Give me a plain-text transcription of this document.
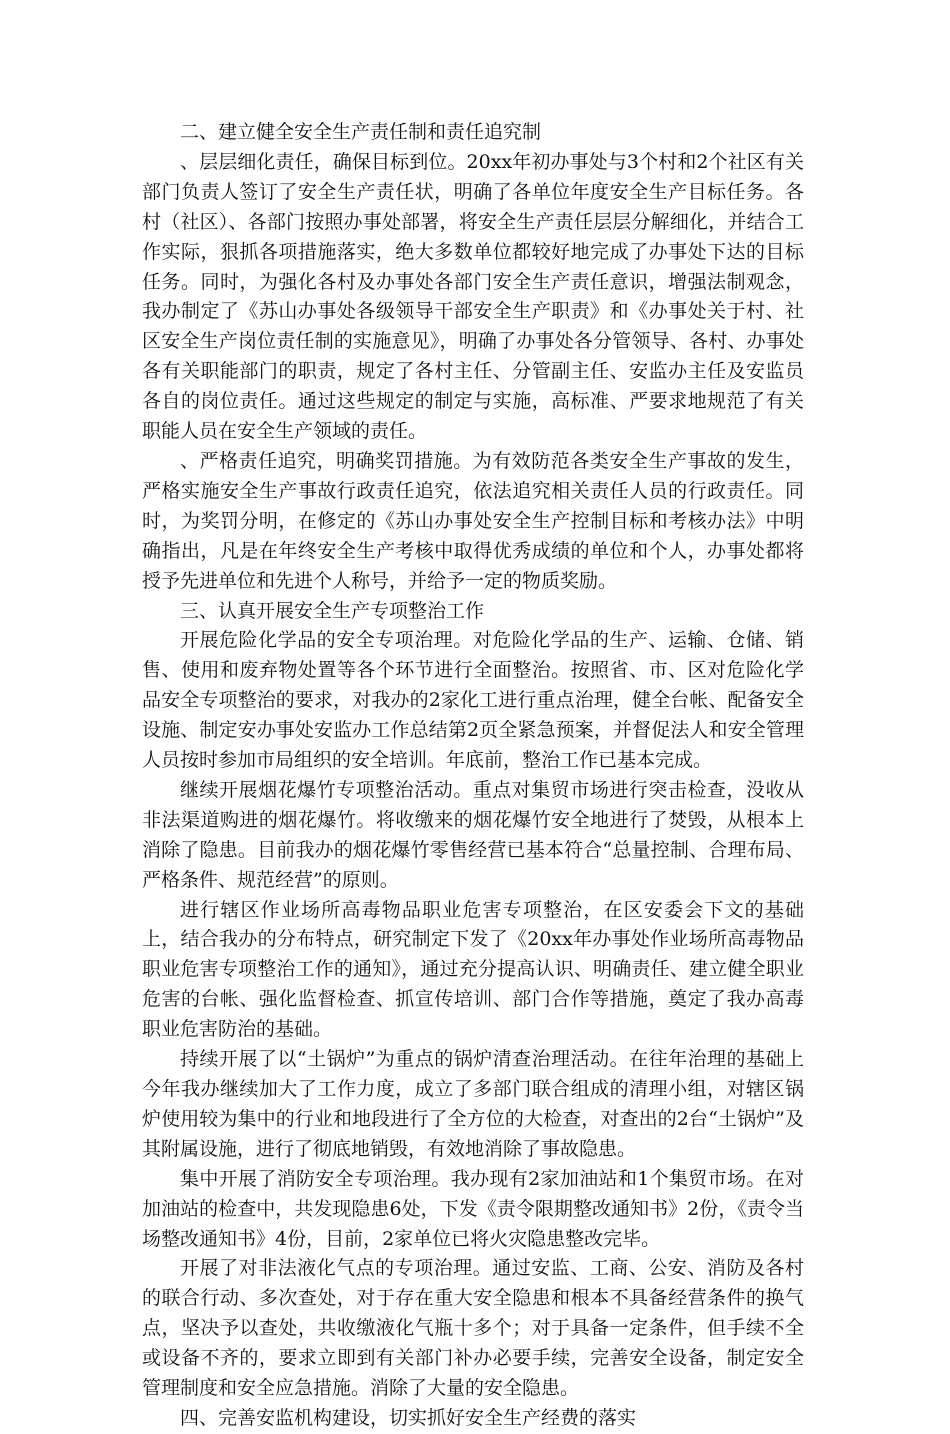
二、建立健全安全生产责任制和责任追究制

、层层细化责任，确保目标到位。20xx年初办事处与3个村和2个社区有关部门负责人签订了安全生产责任状，明确了各单位年度安全生产目标任务。各村（社区）、各部门按照办事处部署，将安全生产责任层层分解细化，并结合工作实际，狠抓各项措施落实，绝大多数单位都较好地完成了办事处下达的目标任务。同时，为强化各村及办事处各部门安全生产责任意识，增强法制观念，我办制定了《苏山办事处各级领导干部安全生产职责》和《办事处关于村、社区安全生产岗位责任制的实施意见》，明确了办事处各分管领导、各村、办事处各有关职能部门的职责，规定了各村主任、分管副主任、安监办主任及安监员各自的岗位责任。通过这些规定的制定与实施，高标准、严要求地规范了有关职能人员在安全生产领域的责任。

、严格责任追究，明确奖罚措施。为有效防范各类安全生产事故的发生，严格实施安全生产事故行政责任追究，依法追究相关责任人员的行政责任。同时，为奖罚分明，在修定的《苏山办事处安全生产控制目标和考核办法》中明确指出，凡是在年终安全生产考核中取得优秀成绩的单位和个人，办事处都将授予先进单位和先进个人称号，并给予一定的物质奖励。

三、认真开展安全生产专项整治工作

开展危险化学品的安全专项治理。对危险化学品的生产、运输、仓储、销售、使用和废弃物处置等各个环节进行全面整治。按照省、市、区对危险化学品安全专项整治的要求，对我办的2家化工进行重点治理，健全台帐、配备安全设施、制定安办事处安监办工作总结第2页全紧急预案，并督促法人和安全管理人员按时参加市局组织的安全培训。年底前，整治工作已基本完成。

继续开展烟花爆竹专项整治活动。重点对集贸市场进行突击检查，没收从非法渠道购进的烟花爆竹。将收缴来的烟花爆竹安全地进行了焚毁，从根本上消除了隐患。目前我办的烟花爆竹零售经营已基本符合“总量控制、合理布局、严格条件、规范经营”的原则。

进行辖区作业场所高毒物品职业危害专项整治，在区安委会下文的基础上，结合我办的分布特点，研究制定下发了《20xx年办事处作业场所高毒物品职业危害专项整治工作的通知》，通过充分提高认识、明确责任、建立健全职业危害的台帐、强化监督检查、抓宣传培训、部门合作等措施，奠定了我办高毒职业危害防治的基础。

持续开展了以“土锅炉”为重点的锅炉清查治理活动。在往年治理的基础上今年我办继续加大了工作力度，成立了多部门联合组成的清理小组，对辖区锅炉使用较为集中的行业和地段进行了全方位的大检查，对查出的2台“土锅炉”及其附属设施，进行了彻底地销毁，有效地消除了事故隐患。

集中开展了消防安全专项治理。我办现有2家加油站和1个集贸市场。在对加油站的检查中，共发现隐患6处，下发《责令限期整改通知书》2份，《责令当场整改通知书》4份，目前，2家单位已将火灾隐患整改完毕。

开展了对非法液化气点的专项治理。通过安监、工商、公安、消防及各村的联合行动、多次查处，对于存在重大安全隐患和根本不具备经营条件的换气点，坚决予以查处，共收缴液化气瓶十多个；对于具备一定条件，但手续不全或设备不齐的，要求立即到有关部门补办必要手续，完善安全设备，制定安全管理制度和安全应急措施。消除了大量的安全隐患。

四、完善安监机构建设，切实抓好安全生产经费的落实
